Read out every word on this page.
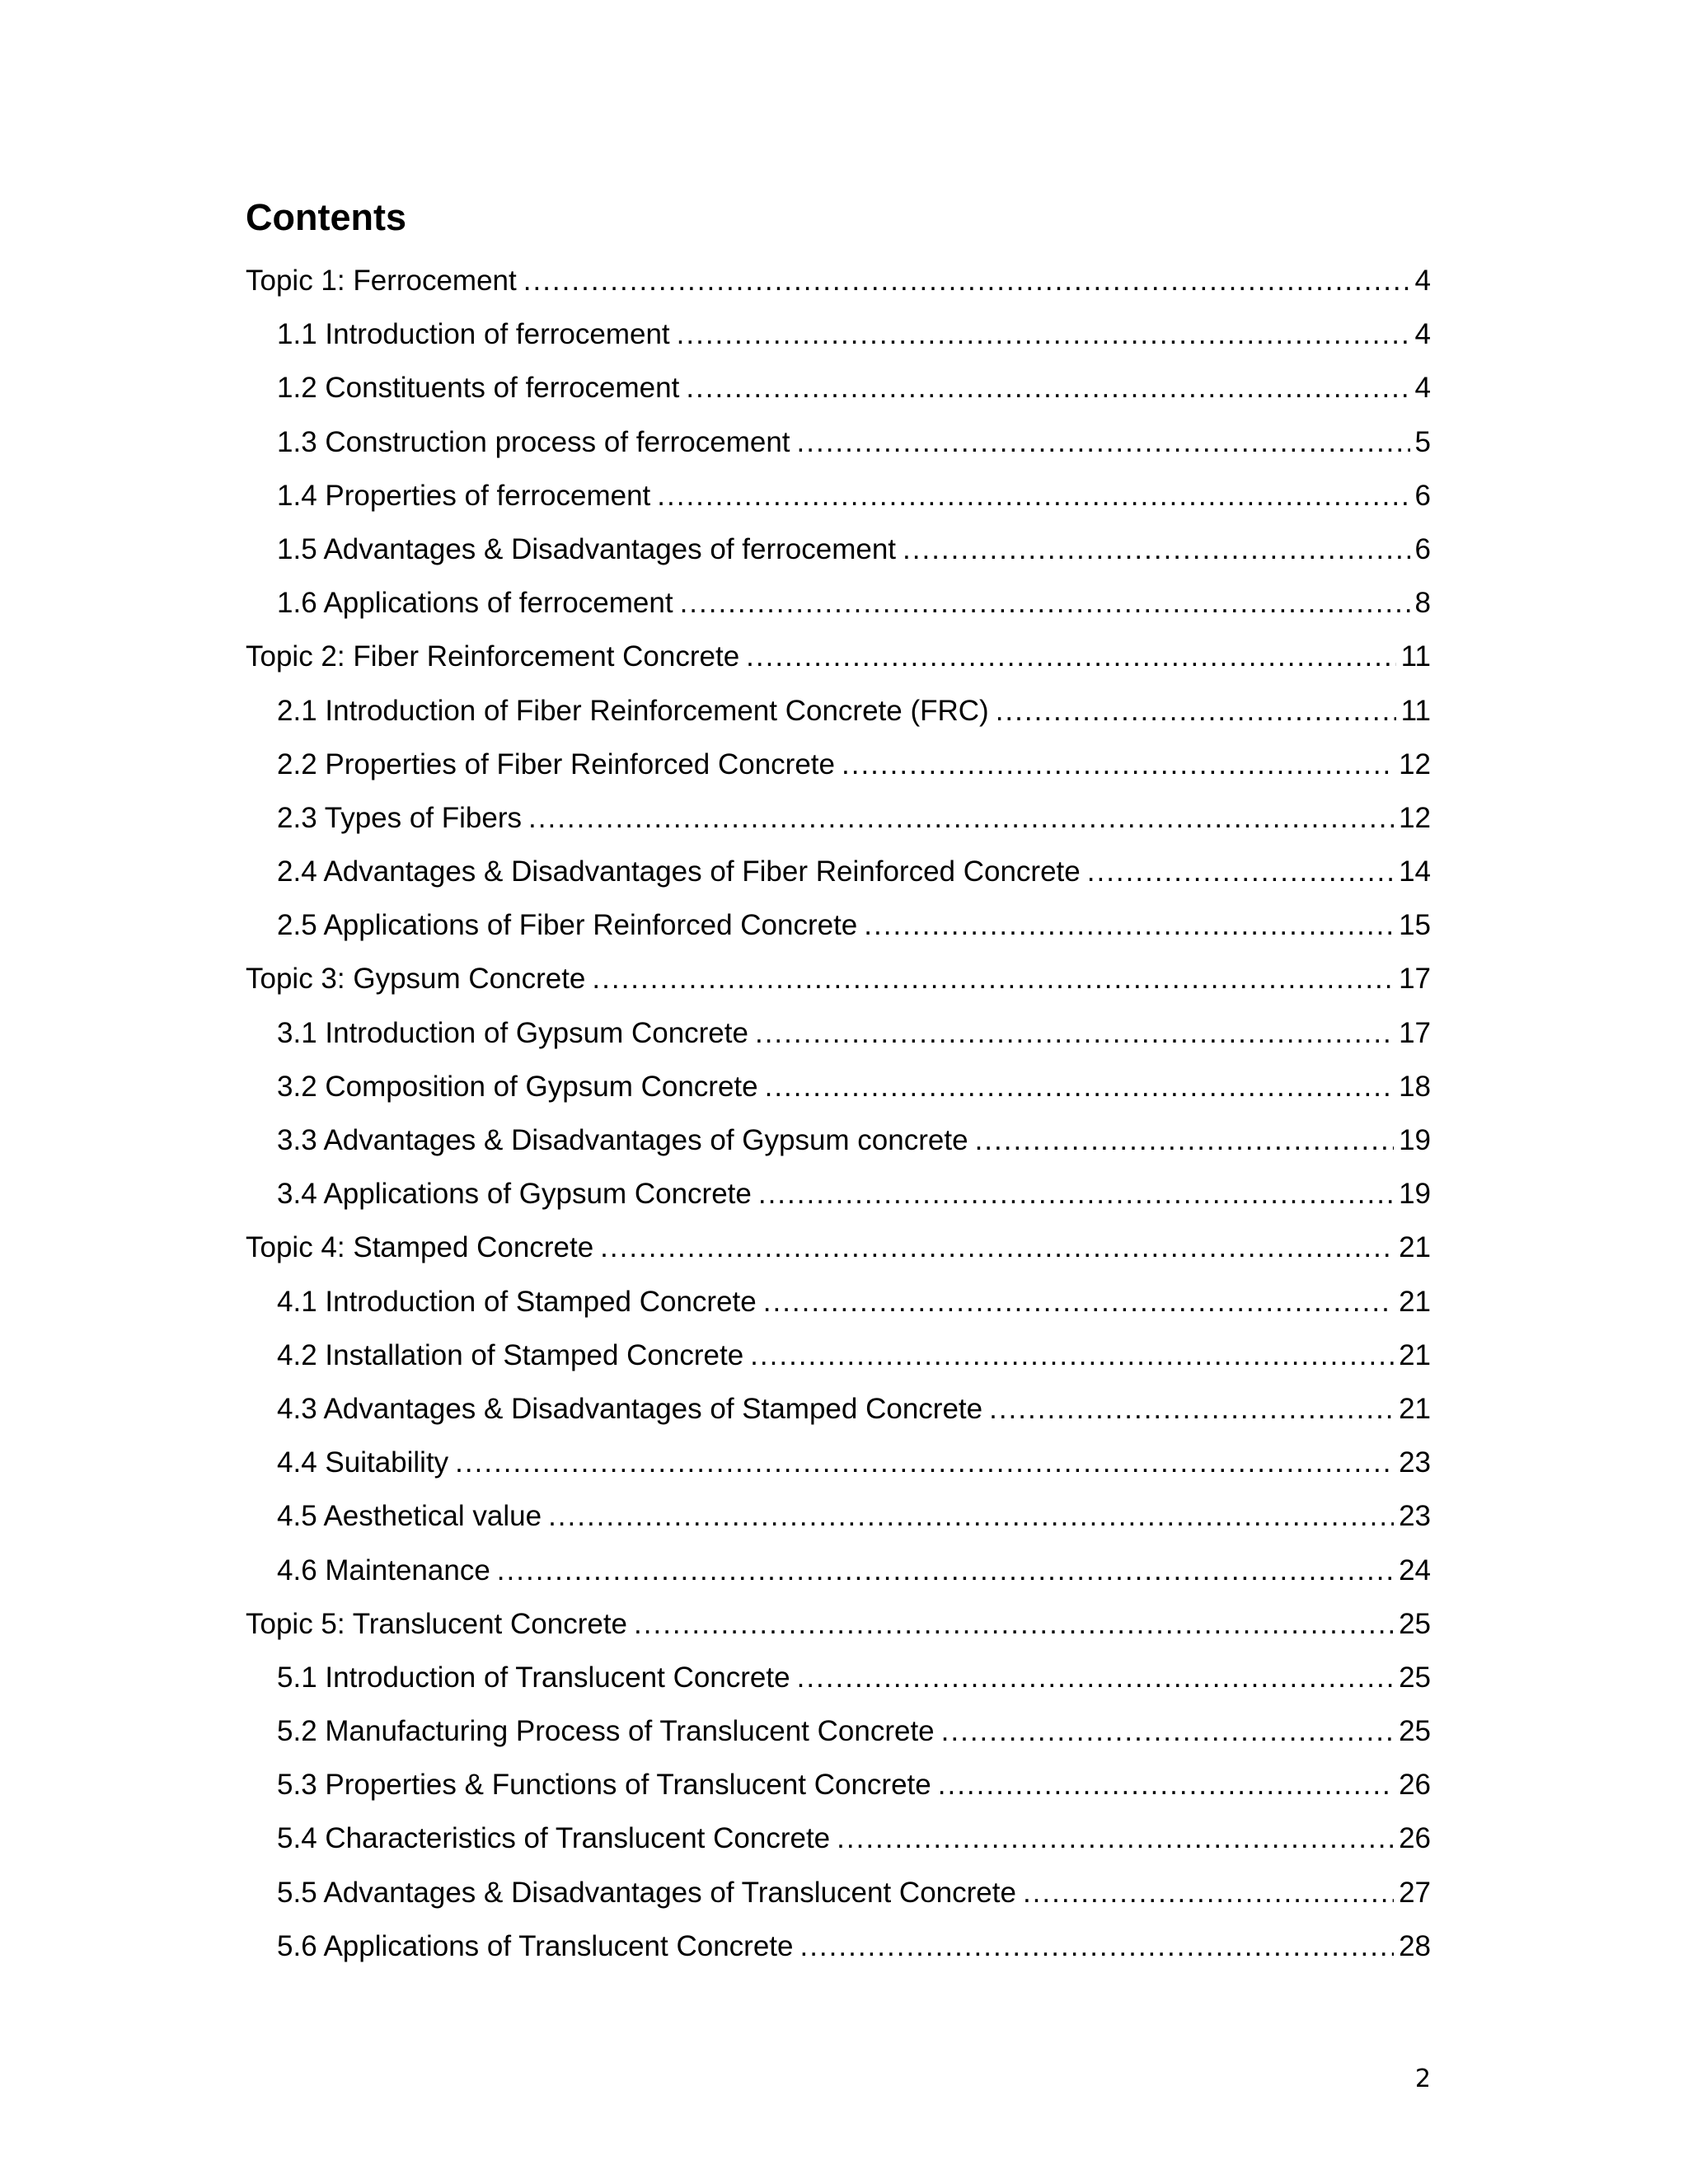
Contents
Topic 1: Ferrocement .....	4
1.1 Introduction of ferrocement .....	4
1.2 Constituents of ferrocement .....	4
1.3 Construction process of ferrocement .....	5
1.4 Properties of ferrocement .....	6
1.5 Advantages & Disadvantages of ferrocement .....	6
1.6 Applications of ferrocement .....	8
Topic 2: Fiber Reinforcement Concrete .....	11
2.1 Introduction of Fiber Reinforcement Concrete (FRC) .....	11
2.2 Properties of Fiber Reinforced Concrete .....	12
2.3 Types of Fibers .....	12
2.4 Advantages & Disadvantages of Fiber Reinforced Concrete .....	14
2.5 Applications of Fiber Reinforced Concrete .....	15
Topic 3: Gypsum Concrete .....	17
3.1 Introduction of Gypsum Concrete .....	17
3.2 Composition of Gypsum Concrete .....	18
3.3 Advantages & Disadvantages of Gypsum concrete .....	19
3.4 Applications of Gypsum Concrete .....	19
Topic 4: Stamped Concrete .....	21
4.1 Introduction of Stamped Concrete .....	21
4.2 Installation of Stamped Concrete .....	21
4.3 Advantages & Disadvantages of Stamped Concrete .....	21
4.4 Suitability .....	23
4.5 Aesthetical value .....	23
4.6 Maintenance .....	24
Topic 5: Translucent Concrete .....	25
5.1 Introduction of Translucent Concrete .....	25
5.2 Manufacturing Process of Translucent Concrete .....	25
5.3 Properties & Functions of Translucent Concrete .....	26
5.4 Characteristics of Translucent Concrete .....	26
5.5 Advantages & Disadvantages of Translucent Concrete .....	27
5.6 Applications of Translucent Concrete .....	28
2
